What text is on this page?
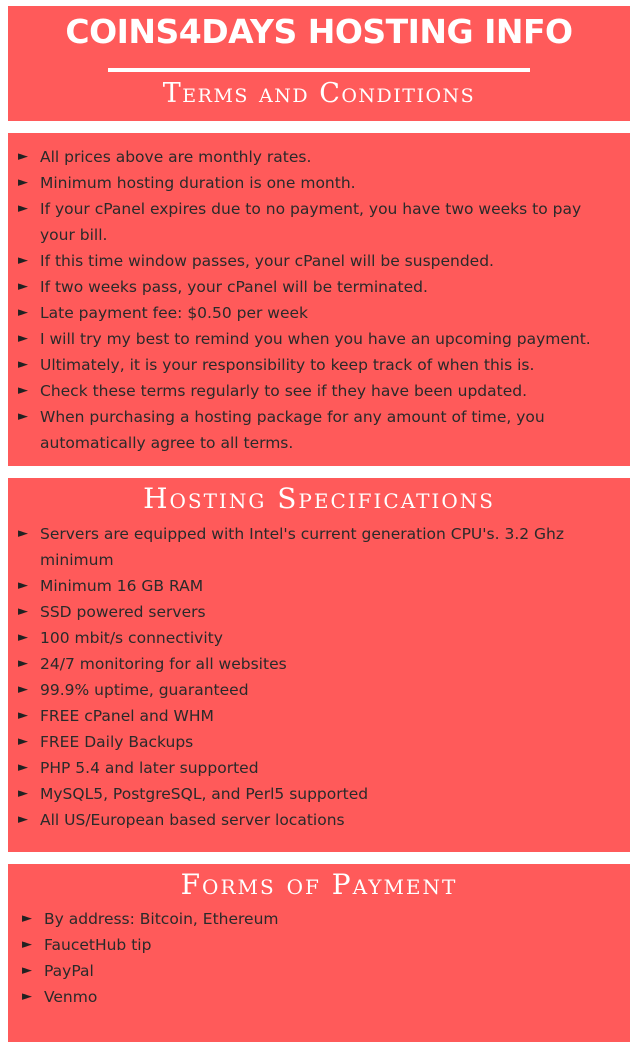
COINS4DAYS HOSTING INFO
Terms and Conditions
► All prices above are monthly rates.
► Minimum hosting duration is one month.
► If your cPanel expires due to no payment, you have two weeks to pay your bill.
► If this time window passes, your cPanel will be suspended.
► If two weeks pass, your cPanel will be terminated.
► Late payment fee: $0.50 per week
► I will try my best to remind you when you have an upcoming payment.
► Ultimately, it is your responsibility to keep track of when this is.
► Check these terms regularly to see if they have been updated.
► When purchasing a hosting package for any amount of time, you automatically agree to all terms.
Hosting Specifications
► Servers are equipped with Intel's current generation CPU's. 3.2 Ghz minimum
► Minimum 16 GB RAM
► SSD powered servers
► 100 mbit/s connectivity
► 24/7 monitoring for all websites
► 99.9% uptime, guaranteed
► FREE cPanel and WHM
► FREE Daily Backups
► PHP 5.4 and later supported
► MySQL5, PostgreSQL, and Perl5 supported
► All US/European based server locations
Forms of Payment
► By address: Bitcoin, Ethereum
► FaucetHub tip
► PayPal
► Venmo
